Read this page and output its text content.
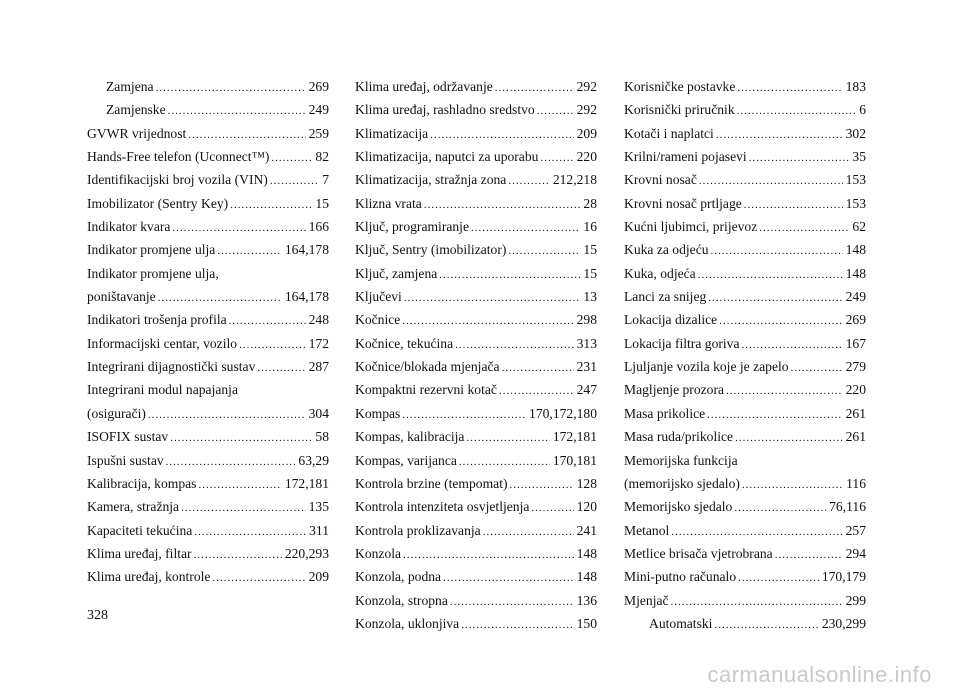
Zamjena .....	269
Zamjenske .....	249
GVWR vrijednost .....	259
Hands-Free telefon (Uconnect™) .....	82
Identifikacijski broj vozila (VIN) .....	7
Imobilizator (Sentry Key) .....	15
Indikator kvara .....	166
Indikator promjene ulja .....	164,178
Indikator promjene ulja,
poništavanje .....	164,178
Indikatori trošenja profila .....	248
Informacijski centar, vozilo .....	172
Integrirani dijagnostički sustav .....	287
Integrirani modul napajanja
(osigurači) .....	304
ISOFIX sustav .....	58
Ispušni sustav .....	63,29
Kalibracija, kompas .....	172,181
Kamera, stražnja .....	135
Kapaciteti tekućina .....	311
Klima uređaj, filtar .....	220,293
Klima uređaj, kontrole .....	209
Klima uređaj, održavanje .....	292
Klima uređaj, rashladno sredstvo .....	292
Klimatizacija .....	209
Klimatizacija, naputci za uporabu .....	220
Klimatizacija, stražnja zona .....	212,218
Klizna vrata .....	28
Ključ, programiranje .....	16
Ključ, Sentry (imobilizator) .....	15
Ključ, zamjena .....	15
Ključevi .....	13
Kočnice .....	298
Kočnice, tekućina .....	313
Kočnice/blokada mjenjača .....	231
Kompaktni rezervni kotač .....	247
Kompas .....	170,172,180
Kompas, kalibracija .....	172,181
Kompas, varijanca .....	170,181
Kontrola brzine (tempomat) .....	128
Kontrola intenziteta osvjetljenja .....	120
Kontrola proklizavanja .....	241
Konzola .....	148
Konzola, podna .....	148
Konzola, stropna .....	136
Konzola, uklonjiva .....	150
Korisničke postavke .....	183
Korisnički priručnik .....	6
Kotači i naplatci .....	302
Krilni/rameni pojasevi .....	35
Krovni nosač .....	153
Krovni nosač prtljage .....	153
Kućni ljubimci, prijevoz .....	62
Kuka za odjeću .....	148
Kuka, odjeća .....	148
Lanci za snijeg .....	249
Lokacija dizalice .....	269
Lokacija filtra goriva .....	167
Ljuljanje vozila koje je zapelo .....	279
Magljenje prozora .....	220
Masa prikolice .....	261
Masa ruda/prikolice .....	261
Memorijska funkcija
(memorijsko sjedalo) .....	116
Memorijsko sjedalo .....	76,116
Metanol .....	257
Metlice brisača vjetrobrana .....	294
Mini-putno računalo .....	170,179
Mjenjač .....	299
Automatski .....	230,299
328
carmanualsonline.info
